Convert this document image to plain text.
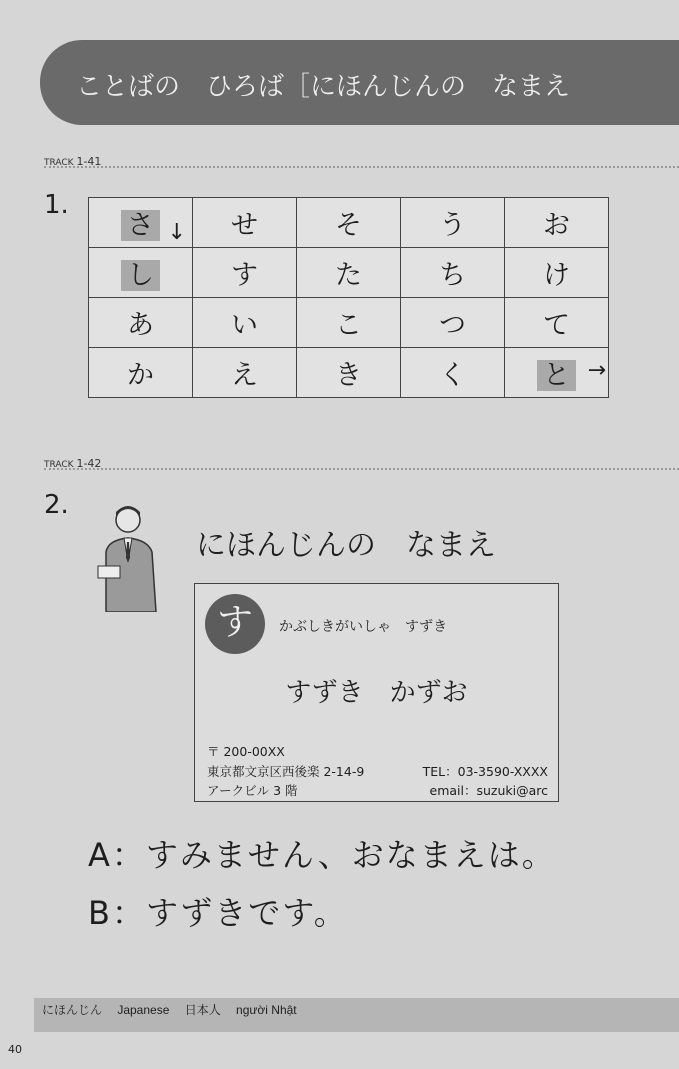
ことばの　ひろば［にほんじんの　なまえ
TRACK 1-41
1.
さ ↓	せ	そ	う	お
し	す	た	ち	け
あ	い	こ	つ	て
か	え	き	く	と →
TRACK 1-42
2.
にほんじんの　なまえ
す	かぶしきがいしゃ　すずき
すずき　かずお
〒 200-00XX
東京都文京区西後楽 2-14-9
アークビル 3 階
TEL：03-3590-XXXX
email：suzuki@arc
A：すみません、おなまえは。
B：すずきです。
にほんじん　 Japanese　 日本人　 người Nhật
40
